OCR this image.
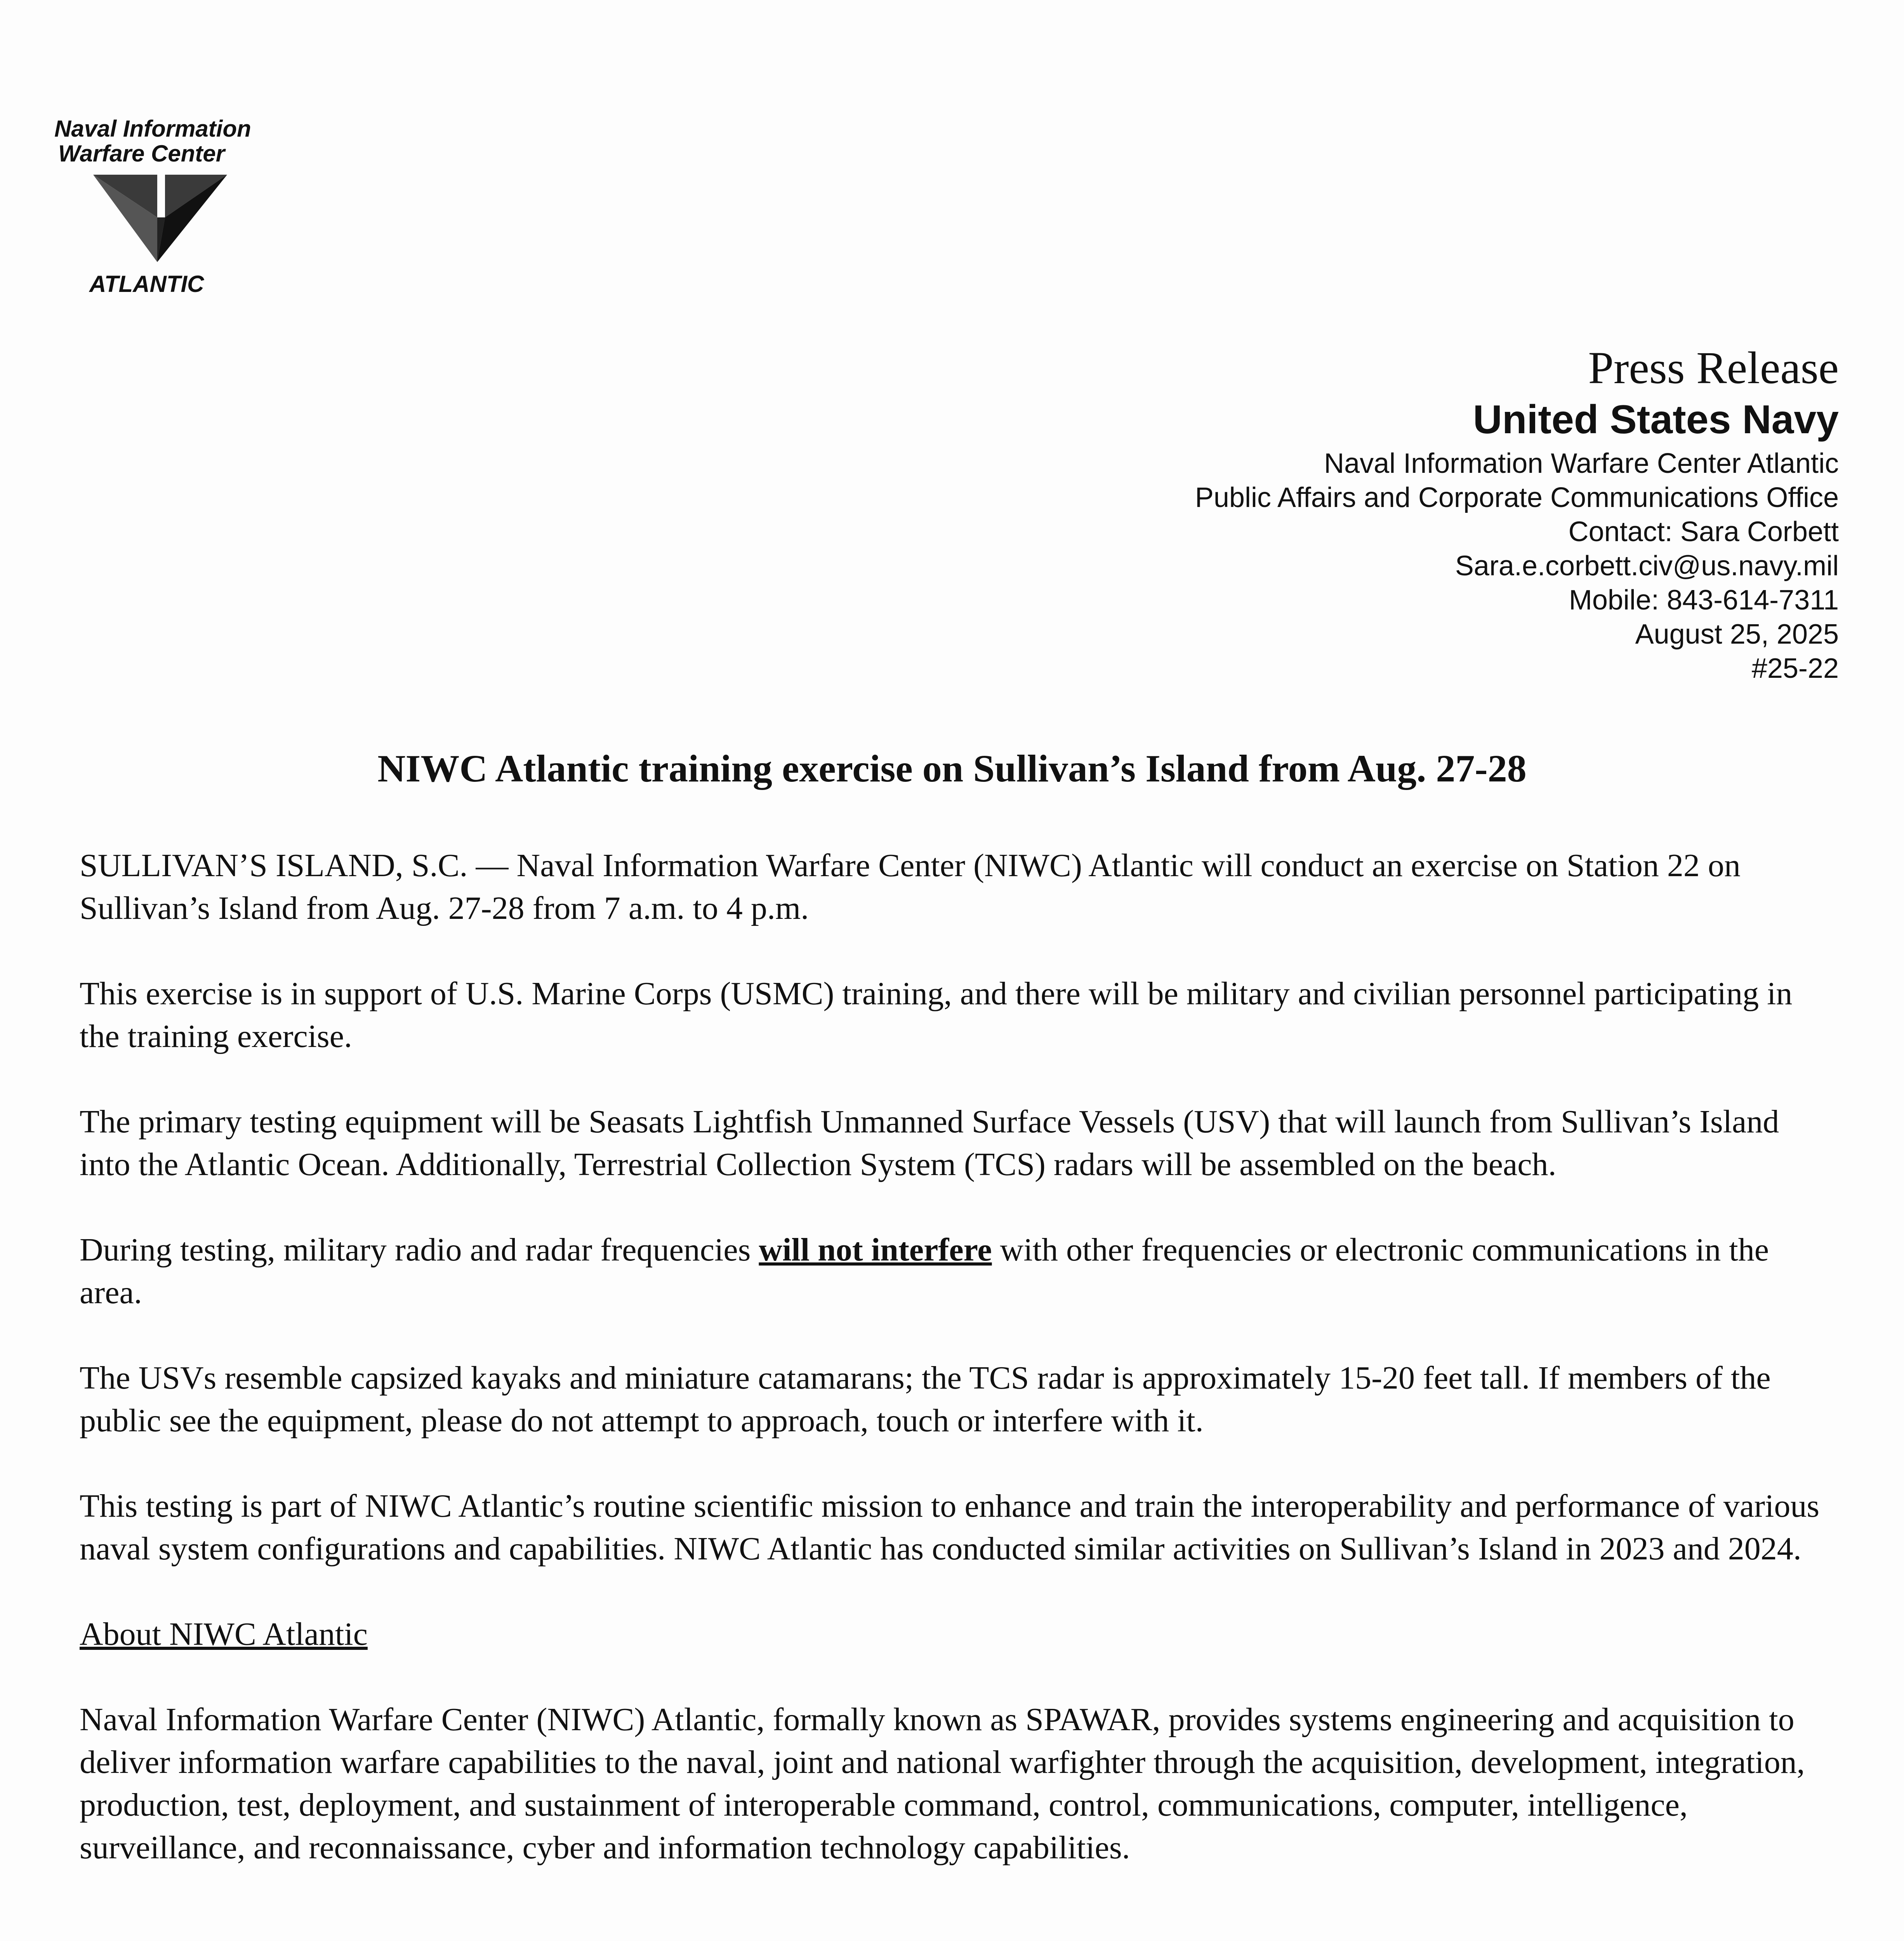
Naval Information
Warfare Center
ATLANTIC

Press Release

United States Navy

Naval Information Warfare Center Atlantic

Public Affairs and Corporate Communications Office

Contact: Sara Corbett

Sara.e.corbett.civ@us.navy.mil

Mobile: 843-614-7311

August 25, 2025

#25-22

NIWC Atlantic training exercise on Sullivan’s Island from Aug. 27-28

SULLIVAN’S ISLAND, S.C. — Naval Information Warfare Center (NIWC) Atlantic will conduct an exercise on Station 22 on Sullivan’s Island from Aug. 27-28 from 7 a.m. to 4 p.m.

This exercise is in support of U.S. Marine Corps (USMC) training, and there will be military and civilian personnel participating in the training exercise.

The primary testing equipment will be Seasats Lightfish Unmanned Surface Vessels (USV) that will launch from Sullivan’s Island into the Atlantic Ocean. Additionally, Terrestrial Collection System (TCS) radars will be assembled on the beach.

During testing, military radio and radar frequencies will not interfere with other frequencies or electronic communications in the area.

The USVs resemble capsized kayaks and miniature catamarans; the TCS radar is approximately 15-20 feet tall. If members of the public see the equipment, please do not attempt to approach, touch or interfere with it.

This testing is part of NIWC Atlantic’s routine scientific mission to enhance and train the interoperability and performance of various naval system configurations and capabilities. NIWC Atlantic has conducted similar activities on Sullivan’s Island in 2023 and 2024.

About NIWC Atlantic

Naval Information Warfare Center (NIWC) Atlantic, formally known as SPAWAR, provides systems engineering and acquisition to deliver information warfare capabilities to the naval, joint and national warfighter through the acquisition, development, integration, production, test, deployment, and sustainment of interoperable command, control, communications, computer, intelligence, surveillance, and reconnaissance, cyber and information technology capabilities.
